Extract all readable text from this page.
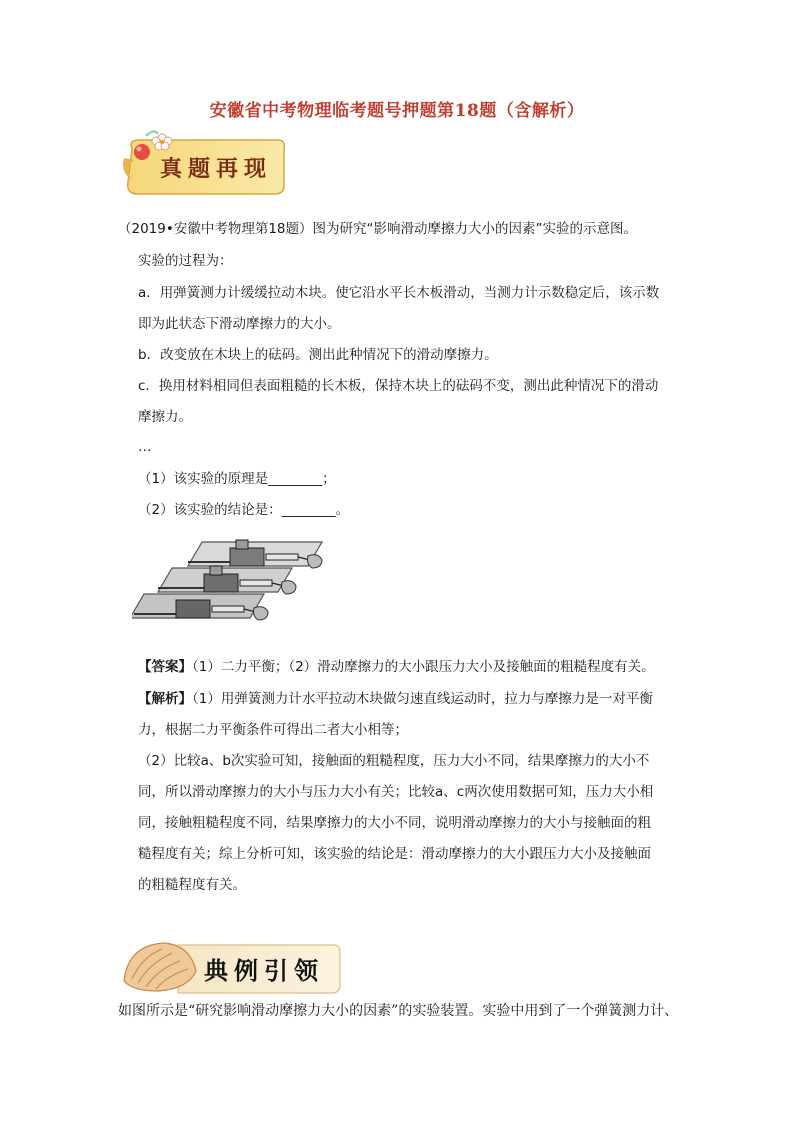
安徽省中考物理临考题号押题第18题（含解析）
真题再现
（2019•安徽中考物理第18题）图为研究“影响滑动摩擦力大小的因素”实验的示意图。
实验的过程为：
a．用弹簧测力计缓缓拉动木块。使它沿水平长木板滑动，当测力计示数稳定后，该示数
即为此状态下滑动摩擦力的大小。
b．改变放在木块上的砝码。测出此种情况下的滑动摩擦力。
c．换用材料相同但表面粗糙的长木板，保持木块上的砝码不变，测出此种情况下的滑动
摩擦力。
…
（1）该实验的原理是________；
（2）该实验的结论是：________。
【答案】（1）二力平衡；（2）滑动摩擦力的大小跟压力大小及接触面的粗糙程度有关。
【解析】（1）用弹簧测力计水平拉动木块做匀速直线运动时，拉力与摩擦力是一对平衡
力，根据二力平衡条件可得出二者大小相等；
（2）比较a、b次实验可知，接触面的粗糙程度，压力大小不同，结果摩擦力的大小不
同，所以滑动摩擦力的大小与压力大小有关；比较a、c两次使用数据可知，压力大小相
同，接触粗糙程度不同，结果摩擦力的大小不同，说明滑动摩擦力的大小与接触面的粗
糙程度有关；综上分析可知，该实验的结论是：滑动摩擦力的大小跟压力大小及接触面
的粗糙程度有关。
典例引领
如图所示是“研究影响滑动摩擦力大小的因素”的实验装置。实验中用到了一个弹簧测力计、
